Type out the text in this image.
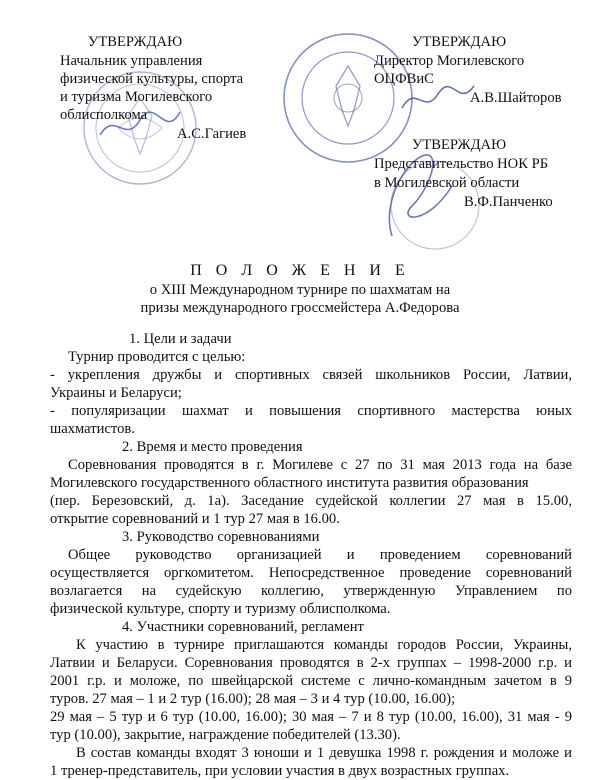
УТВЕРЖДАЮ
Начальник управления
физической культуры, спорта
и туризма Могилевского
облисполкома
А.С.Гагиев
УТВЕРЖДАЮ
Директор Могилевского
ОЦФВиС
А.В.Шайторов
УТВЕРЖДАЮ
Представительство НОК РБ
в Могилевской области
В.Ф.Панченко
П О Л О Ж Е Н И Е
о XIII Международном турнире по шахматам на
призы международного гроссмейстера А.Федорова
1. Цели и задачи
Турнир проводится с целью:
- укрепления дружбы и спортивных связей школьников России, Латвии,
Украины и Беларуси;
- популяризации шахмат и повышения спортивного мастерства юных
шахматистов.
2. Время и место проведения
Соревнования проводятся в г. Могилеве с 27 по 31 мая 2013 года на базе
Могилевского государственного областного института развития образования
(пер. Березовский, д. 1а). Заседание судейской коллегии 27 мая в 15.00,
открытие соревнований и 1 тур 27 мая в 16.00.
3. Руководство соревнованиями
Общее руководство организацией и проведением соревнований
осуществляется оргкомитетом. Непосредственное проведение соревнований
возлагается на судейскую коллегию, утвержденную Управлением по
физической культуре, спорту и туризму облисполкома.
4. Участники соревнований, регламент
К участию в турнире приглашаются команды городов России, Украины,
Латвии и Беларуси. Соревнования проводятся в 2-х группах – 1998-2000 г.р. и
2001 г.р. и моложе, по швейцарской системе с лично-командным зачетом в 9
туров. 27 мая – 1 и 2 тур (16.00); 28 мая – 3 и 4 тур (10.00, 16.00);
29 мая – 5 тур и 6 тур (10.00, 16.00); 30 мая – 7 и 8 тур (10.00, 16.00), 31 мая - 9
тур (10.00), закрытие, награждение победителей (13.30).
В состав команды входят 3 юноши и 1 девушка 1998 г. рождения и моложе и
1 тренер-представитель, при условии участия в двух возрастных группах.
